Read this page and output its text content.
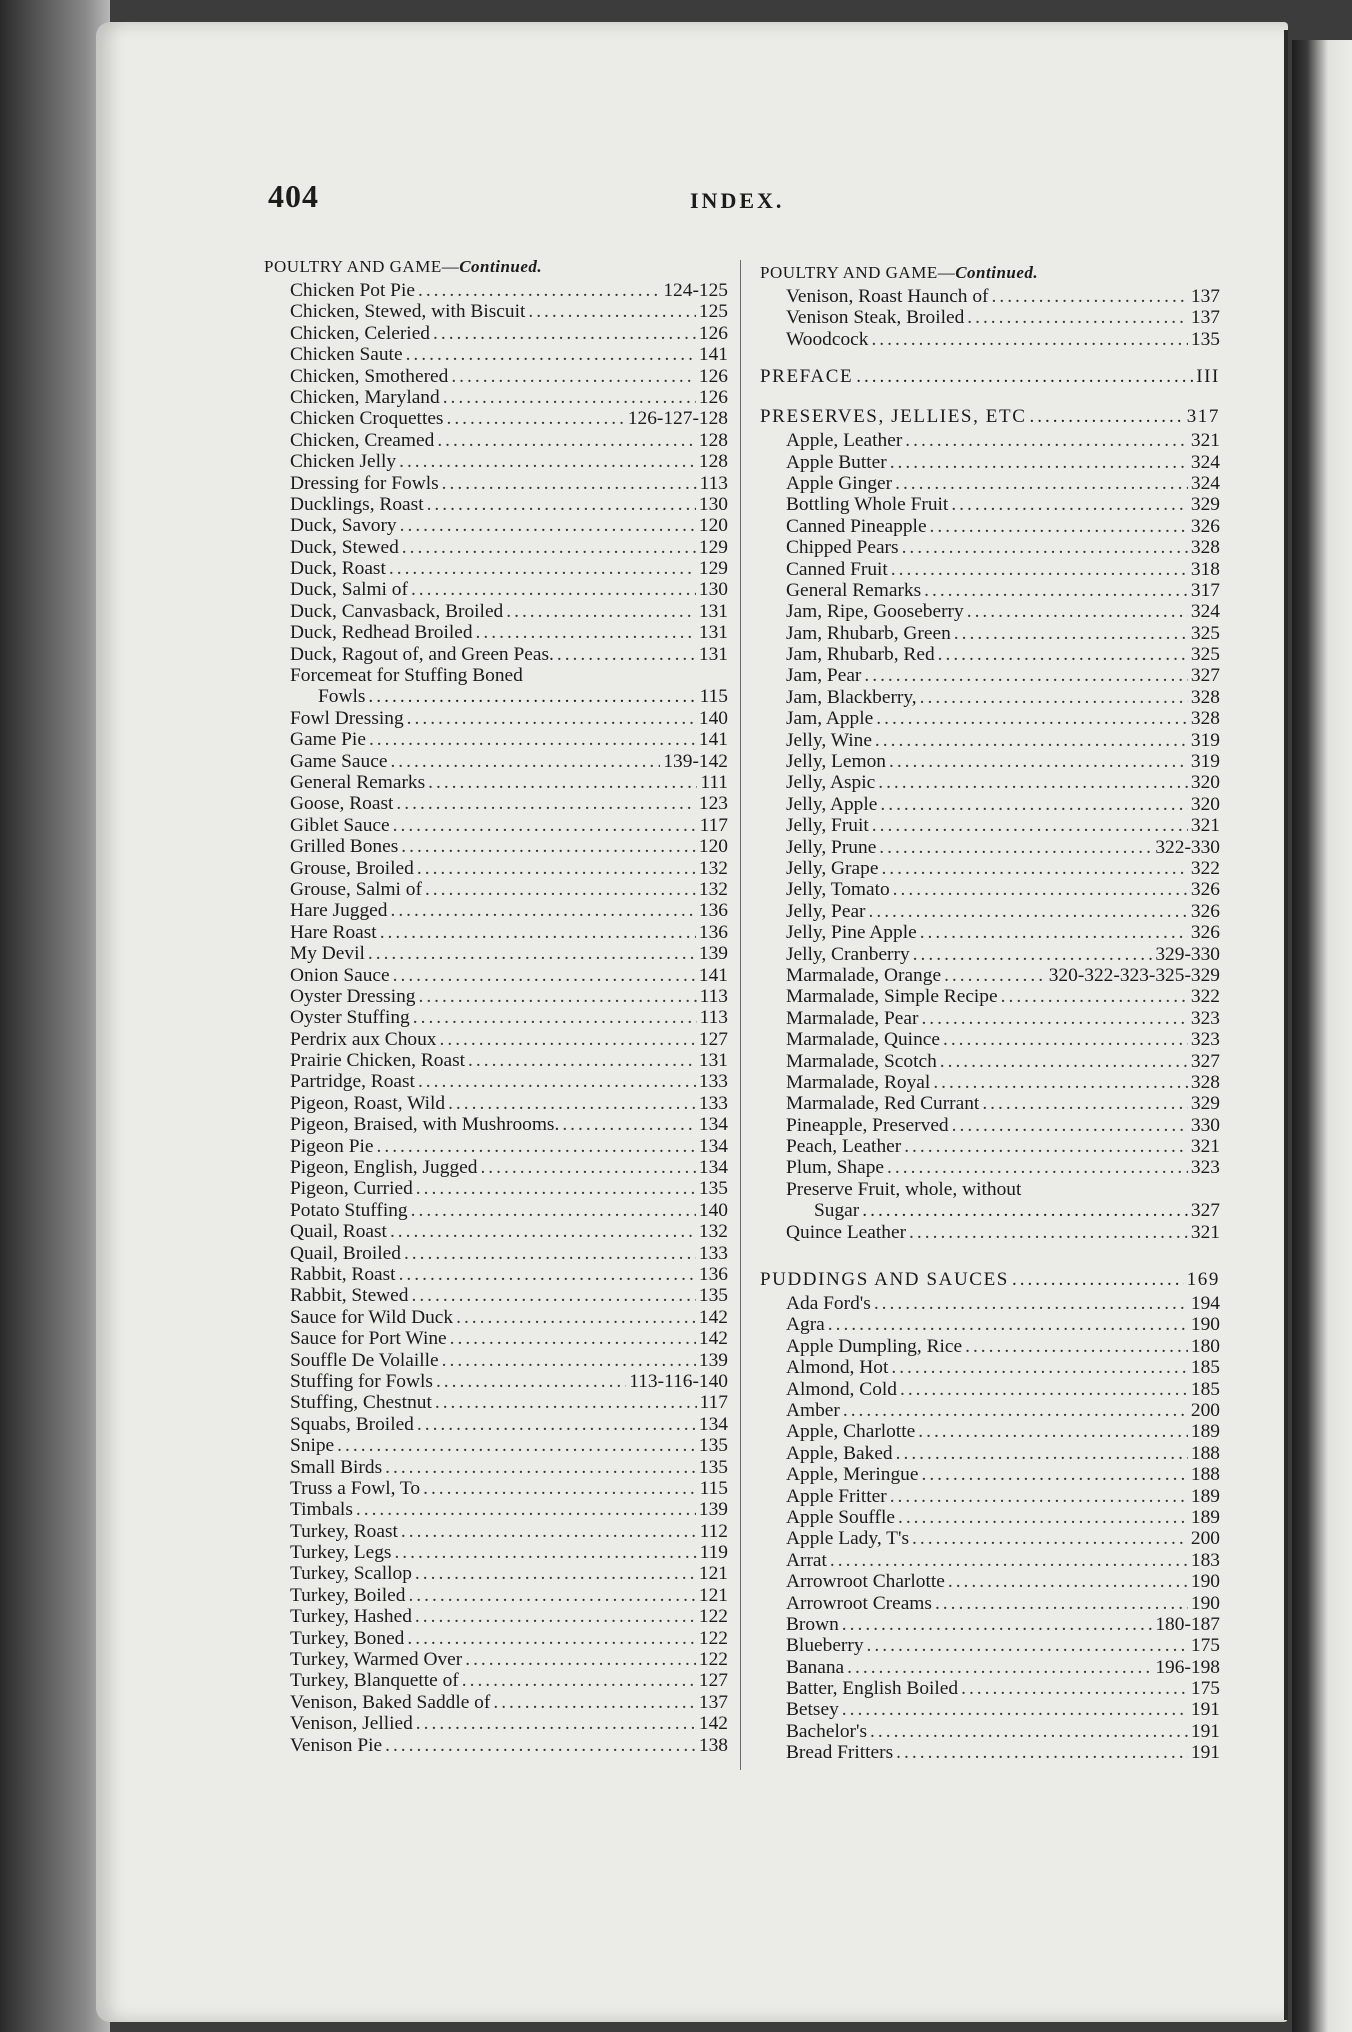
404	INDEX.
POULTRY AND GAME—Continued.
Chicken Pot Pie .....	124-125
Chicken, Stewed, with Biscuit .....	125
Chicken, Celeried .....	126
Chicken Saute .....	141
Chicken, Smothered .....	126
Chicken, Maryland .....	126
Chicken Croquettes .....	126-127-128
Chicken, Creamed .....	128
Chicken Jelly .....	128
Dressing for Fowls .....	113
Ducklings, Roast .....	130
Duck, Savory .....	120
Duck, Stewed .....	129
Duck, Roast .....	129
Duck, Salmi of .....	130
Duck, Canvasback, Broiled .....	131
Duck, Redhead Broiled .....	131
Duck, Ragout of, and Green Peas. .....	131
Forcemeat for Stuffing Boned
Fowls .....	115
Fowl Dressing .....	140
Game Pie .....	141
Game Sauce .....	139-142
General Remarks .....	111
Goose, Roast .....	123
Giblet Sauce .....	117
Grilled Bones .....	120
Grouse, Broiled .....	132
Grouse, Salmi of .....	132
Hare Jugged .....	136
Hare Roast .....	136
My Devil .....	139
Onion Sauce .....	141
Oyster Dressing .....	113
Oyster Stuffing .....	113
Perdrix aux Choux .....	127
Prairie Chicken, Roast .....	131
Partridge, Roast .....	133
Pigeon, Roast, Wild .....	133
Pigeon, Braised, with Mushrooms. .....	134
Pigeon Pie .....	134
Pigeon, English, Jugged .....	134
Pigeon, Curried .....	135
Potato Stuffing .....	140
Quail, Roast .....	132
Quail, Broiled .....	133
Rabbit, Roast .....	136
Rabbit, Stewed .....	135
Sauce for Wild Duck .....	142
Sauce for Port Wine .....	142
Souffle De Volaille .....	139
Stuffing for Fowls .....	113-116-140
Stuffing, Chestnut .....	117
Squabs, Broiled .....	134
Snipe .....	135
Small Birds .....	135
Truss a Fowl, To .....	115
Timbals .....	139
Turkey, Roast .....	112
Turkey, Legs .....	119
Turkey, Scallop .....	121
Turkey, Boiled .....	121
Turkey, Hashed .....	122
Turkey, Boned .....	122
Turkey, Warmed Over .....	122
Turkey, Blanquette of .....	127
Venison, Baked Saddle of .....	137
Venison, Jellied .....	142
Venison Pie .....	138
POULTRY AND GAME—Continued.
Venison, Roast Haunch of .....	137
Venison Steak, Broiled .....	137
Woodcock .....	135
PREFACE .....	III
PRESERVES, JELLIES, ETC .....	317
Apple, Leather .....	321
Apple Butter .....	324
Apple Ginger .....	324
Bottling Whole Fruit .....	329
Canned Pineapple .....	326
Chipped Pears .....	328
Canned Fruit .....	318
General Remarks .....	317
Jam, Ripe, Gooseberry .....	324
Jam, Rhubarb, Green .....	325
Jam, Rhubarb, Red .....	325
Jam, Pear .....	327
Jam, Blackberry, .....	328
Jam, Apple .....	328
Jelly, Wine .....	319
Jelly, Lemon .....	319
Jelly, Aspic .....	320
Jelly, Apple .....	320
Jelly, Fruit .....	321
Jelly, Prune .....	322-330
Jelly, Grape .....	322
Jelly, Tomato .....	326
Jelly, Pear .....	326
Jelly, Pine Apple .....	326
Jelly, Cranberry .....	329-330
Marmalade, Orange .....	320-322-323-325-329
Marmalade, Simple Recipe .....	322
Marmalade, Pear .....	323
Marmalade, Quince .....	323
Marmalade, Scotch .....	327
Marmalade, Royal .....	328
Marmalade, Red Currant .....	329
Pineapple, Preserved .....	330
Peach, Leather .....	321
Plum, Shape .....	323
Preserve Fruit, whole, without
Sugar .....	327
Quince Leather .....	321
PUDDINGS AND SAUCES .....	169
Ada Ford's .....	194
Agra .....	190
Apple Dumpling, Rice .....	180
Almond, Hot .....	185
Almond, Cold .....	185
Amber .....	200
Apple, Charlotte .....	189
Apple, Baked .....	188
Apple, Meringue .....	188
Apple Fritter .....	189
Apple Souffle .....	189
Apple Lady, T's .....	200
Arrat .....	183
Arrowroot Charlotte .....	190
Arrowroot Creams .....	190
Brown .....	180-187
Blueberry .....	175
Banana .....	196-198
Batter, English Boiled .....	175
Betsey .....	191
Bachelor's .....	191
Bread Fritters .....	191
